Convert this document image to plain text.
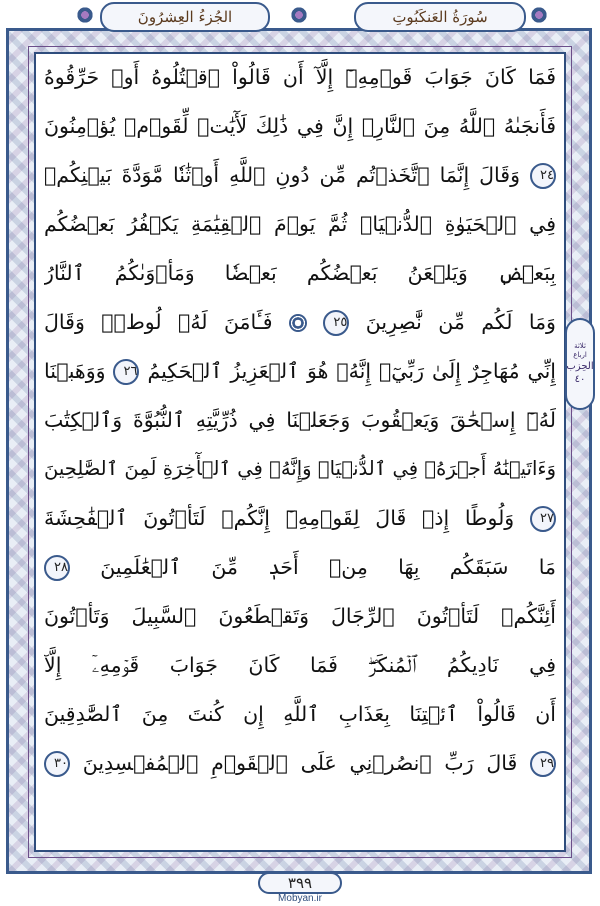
الجُزءُ العِشرُونَ	سُورَةُ العَنكَبُوتِ
فَمَا كَانَ جَوَابَ قَوۡمِهِۦٓ إِلَّآ أَن قَالُواْ ٱقۡتُلُوهُ أَوۡ حَرِّقُوهُ
فَأَنجَىٰهُ ٱللَّهُ مِنَ ٱلنَّارِۚ إِنَّ فِي ذَٰلِكَ لَأٓيَٰتٖ لِّقَوۡمٖ يُؤۡمِنُونَ
٢٤ وَقَالَ إِنَّمَا ٱتَّخَذۡتُم مِّن دُونِ ٱللَّهِ أَوۡثَٰنٗا مَّوَدَّةَ بَيۡنِكُمۡ
فِي ٱلۡحَيَوٰةِ ٱلدُّنۡيَاۖ ثُمَّ يَوۡمَ ٱلۡقِيَٰمَةِ يَكۡفُرُ بَعۡضُكُم
بِبَعۡضٖ وَيَلۡعَنُ بَعۡضُكُم بَعۡضٗا وَمَأۡوَىٰكُمُ ٱلنَّارُ
وَمَا لَكُم مِّن نَّٰصِرِينَ ٢٥  فَـَٔامَنَ لَهُۥ لُوطٞۘ وَقَالَ
إِنِّي مُهَاجِرٌ إِلَىٰ رَبِّيٓۖ إِنَّهُۥ هُوَ ٱلۡعَزِيزُ ٱلۡحَكِيمُ ٢٦ وَوَهَبۡنَا
لَهُۥٓ إِسۡحَٰقَ وَيَعۡقُوبَ وَجَعَلۡنَا فِي ذُرِّيَّتِهِ ٱلنُّبُوَّةَ وَٱلۡكِتَٰبَ
وَءَاتَيۡنَٰهُ أَجۡرَهُۥ فِي ٱلدُّنۡيَاۖ وَإِنَّهُۥ فِي ٱلۡأٓخِرَةِ لَمِنَ ٱلصَّٰلِحِينَ
٢٧ وَلُوطًا إِذۡ قَالَ لِقَوۡمِهِۦٓ إِنَّكُمۡ لَتَأۡتُونَ ٱلۡفَٰحِشَةَ
مَا سَبَقَكُم بِهَا مِنۡ أَحَدٖ مِّنَ ٱلۡعَٰلَمِينَ ٢٨
أَئِنَّكُمۡ لَتَأۡتُونَ ٱلرِّجَالَ وَتَقۡطَعُونَ ٱلسَّبِيلَ وَتَأۡتُونَ
فِي نَادِيكُمُ ٱلۡمُنكَرَۖ فَمَا كَانَ جَوَابَ قَوۡمِهِۦٓ إِلَّآ
أَن قَالُواْ ٱئۡتِنَا بِعَذَابِ ٱللَّهِ إِن كُنتَ مِنَ ٱلصَّٰدِقِينَ
٢٩ قَالَ رَبِّ ٱنصُرۡنِي عَلَى ٱلۡقَوۡمِ ٱلۡمُفۡسِدِينَ ٣٠
ثلاثة ارباع
الحِزب
٤٠
٣٩٩
Mobyan.ir
